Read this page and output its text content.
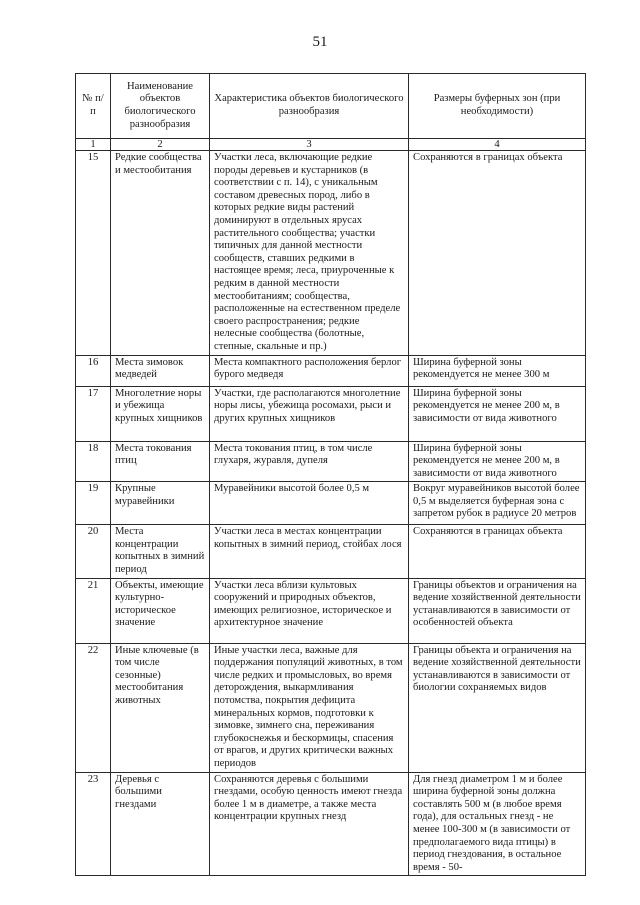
51
№ п/п	Наименование объектов биологического разнообразия	Характеристика объектов биологического разнообразия	Размеры буферных зон (при необходимости)
1	2	3	4
15	Редкие сообщества и местообитания	Участки леса, включающие редкие породы деревьев и кустарников (в соответствии с п. 14), с уникальным составом древесных пород, либо в которых редкие виды растений доминируют в отдельных ярусах растительного сообщества; участки типичных для данной местности сообществ, ставших редкими в настоящее время; леса, приуроченные к редким в данной местности местообитаниям; сообщества, расположенные на естественном пределе своего распространения; редкие нелесные сообщества (болотные, степные, скальные и пр.)	Сохраняются в границах объекта
16	Места зимовок медведей	Места компактного расположения берлог бурого медведя	Ширина буферной зоны рекомендуется не менее 300 м
17	Многолетние норы и убежища крупных хищников	Участки, где располагаются многолетние норы лисы, убежища росомахи, рыси и других крупных хищников	Ширина буферной зоны рекомендуется не менее 200 м, в зависимости от вида животного
18	Места токования птиц	Места токования птиц, в том числе глухаря, журавля, дупеля	Ширина буферной зоны рекомендуется не менее 200 м, в зависимости от вида животного
19	Крупные муравейники	Муравейники высотой более 0,5 м	Вокруг муравейников высотой более 0,5 м выделяется буферная зона с запретом рубок в радиусе 20 метров
20	Места концентрации копытных в зимний период	Участки леса в местах концентрации копытных в зимний период, стойбах лося	Сохраняются в границах объекта
21	Объекты, имеющие культурно-историческое значение	Участки леса вблизи культовых сооружений и природных объектов, имеющих религиозное, историческое и архитектурное значение	Границы объектов и ограничения на ведение хозяйственной деятельности устанавливаются в зависимости от особенностей объекта
22	Иные ключевые (в том числе сезонные) местообитания животных	Иные участки леса, важные для поддержания популяций животных, в том числе редких и промысловых, во время деторождения, выкармливания потомства, покрытия дефицита минеральных кормов, подготовки к зимовке, зимнего сна, переживания глубокоснежья и бескормицы, спасения от врагов, и других критически важных периодов	Границы объекта и ограничения на ведение хозяйственной деятельности устанавливаются в зависимости от биологии сохраняемых видов
23	Деревья с большими гнездами	Сохраняются деревья с большими гнездами, особую ценность имеют гнезда более 1 м в диаметре, а также места концентрации крупных гнезд	Для гнезд диаметром 1 м и более ширина буферной зоны должна составлять 500 м (в любое время года), для остальных гнезд - не менее 100-300 м (в зависимости от предполагаемого вида птицы) в период гнездования, в остальное время - 50-
